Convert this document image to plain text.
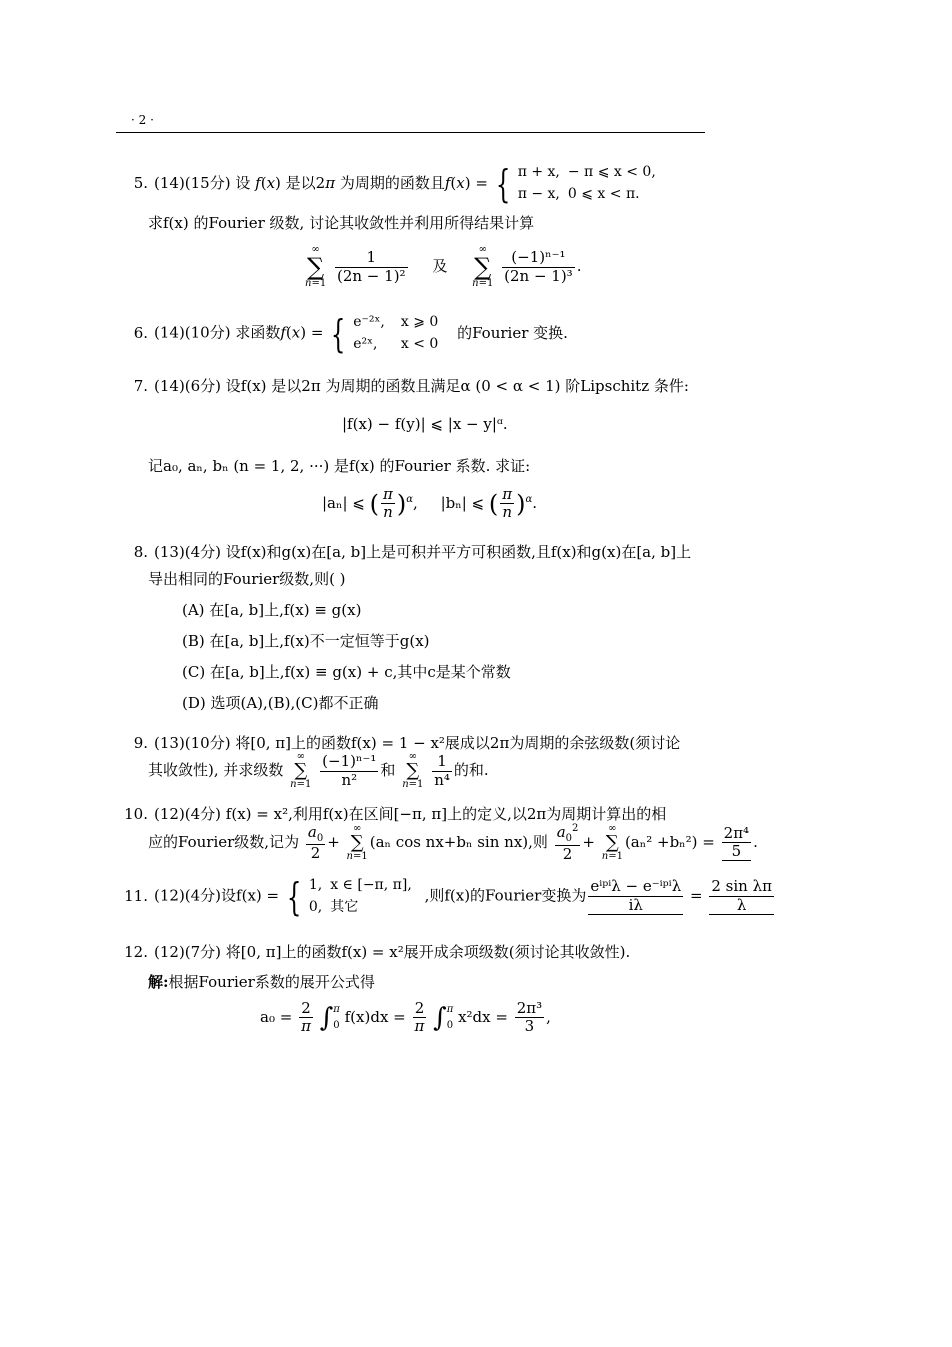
· 2 ·
5. (14)(15分) 设 f(x) 是以2π 为周期的函数且f(x) = { π + x,	− π ⩽ x < 0,
π − x,	0 ⩽ x < π.
求f(x) 的Fourier 级数, 讨论其收敛性并利用所得结果计算
∞
∑
n=1
$\frac{1}{\text{(2n − 1)²}}$ 及
∞
∑
n=1
$\frac{\text{(−1)ⁿ⁻¹}}{\text{(2n − 1)³}}$ .
6. (14)(10分) 求函数f(x) = { e⁻²ˣ,	x ⩾ 0
e²ˣ,	x < 0
的Fourier 变换.
7. (14)(6分) 设f(x) 是以2π 为周期的函数且满足α (0 < α < 1) 阶Lipschitz 条件:
|f(x) − f(y)| ⩽ |x − y|ᵅ.
记a₀, aₙ, bₙ (n = 1, 2, ···) 是f(x) 的Fourier 系数. 求证:
|aₙ| ⩽ ( $\frac{\pi}{n} )^\alpha$, |bₙ| ⩽ ( $\frac{\pi}{n} )^\alpha$.
8. (13)(4分) 设f(x)和g(x)在[a, b]上是可积并平方可积函数,且f(x)和g(x)在[a, b]上
导出相同的Fourier级数,则( )
(A) 在[a, b]上,f(x) ≡ g(x)
(B) 在[a, b]上,f(x)不一定恒等于g(x)
(C) 在[a, b]上,f(x) ≡ g(x) + c,其中c是某个常数
(D) 选项(A),(B),(C)都不正确
9. (13)(10分) 将[0, π]上的函数f(x) = 1 − x²展成以2π为周期的余弦级数(须讨论
其收敛性), 并求级数
∞
∑
n=1
$\frac{\text{(−1)ⁿ⁻¹}}{\text{n²}}$ 和
∞
∑
n=1
$\frac{1}{\text{n⁴}}$ 的和.
10. (12)(4分) f(x) = x²,利用f(x)在区间[−π, π]上的定义,以2π为周期计算出的相
应的Fourier级数,记为 $\frac{a_0}{2}$ +
∞
∑
n=1
(aₙ cos nx+bₙ sin nx),则 $\frac{a_0^2}{2}$ +
∞
∑
n=1
$(a_n^2 +b_n^2) = \frac{\text{2π⁴}}{5}$ .
11. (12)(4分)设f(x) = { 1,	x ∈ [−π, π],
0,	其它
,则f(x)的Fourier变换为 $\frac{\text{eⁱᵖⁱλ − e⁻ⁱᵖⁱλ}}{i\lambda} = \frac{\text{2 sin λπ}}{\lambda}$
12. (12)(7分) 将[0, π]上的函数f(x) = x²展开成余项级数(须讨论其收敛性).
解:根据Fourier系数的展开公式得
$a_0 = \frac{2}{\pi} \int\pi$
0 $f(x)dx = \frac{2}{\pi} \int\pi$
0 $x^2dx = \frac{\text{2π³}}{3}$ ,
